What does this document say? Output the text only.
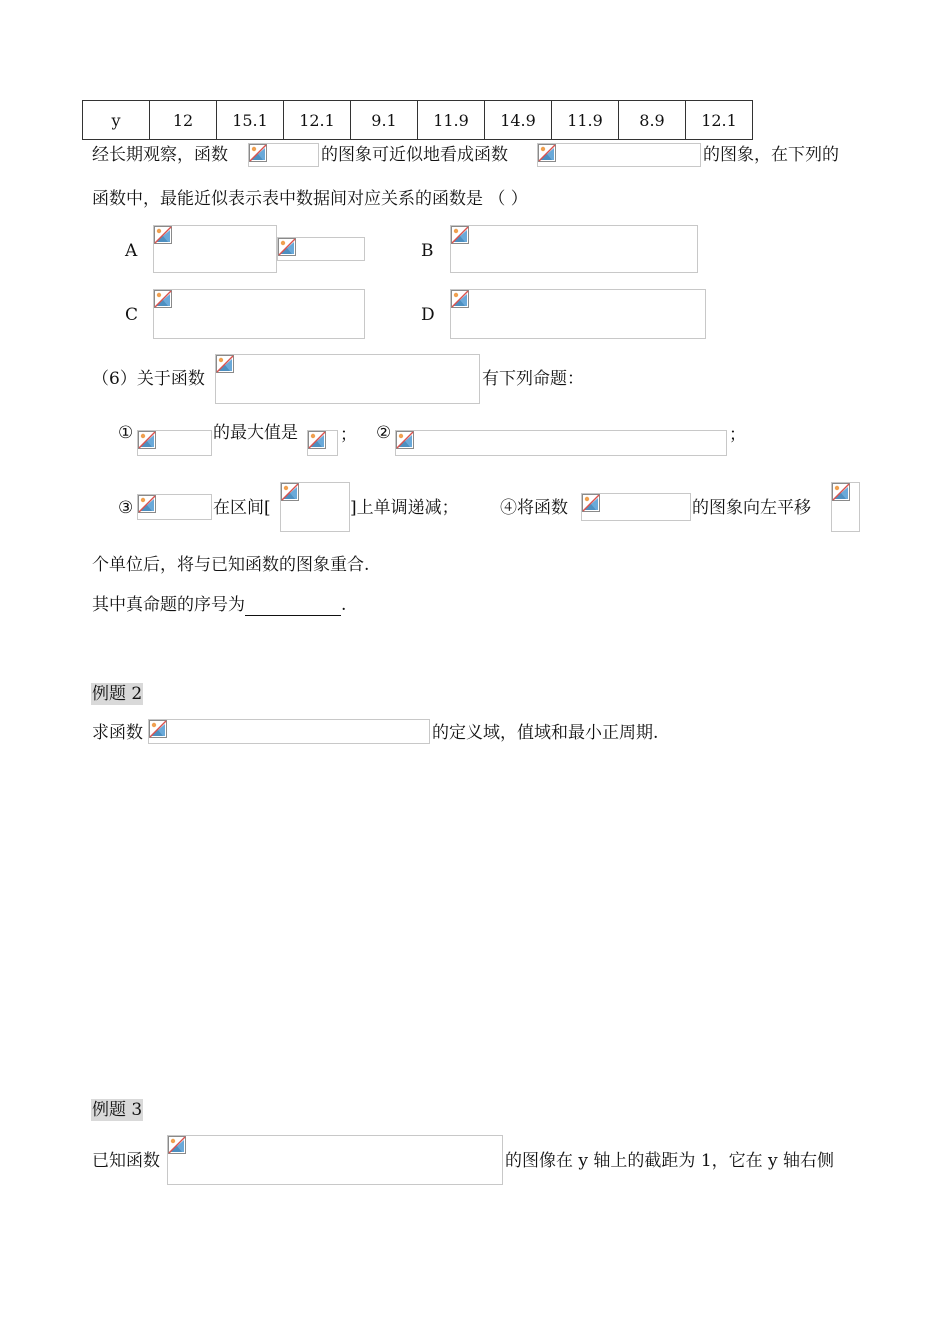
y	12	15.1	12.1	9.1	11.9	14.9	11.9	8.9	12.1
经长期观察，函数	的图象可近似地看成函数	的图象，在下列的
函数中，最能近似表示表中数据间对应关系的函数是 （ ）
A	B
C	D
（6）关于函数	有下列命题：
①	的最大值是 ； ②	；
③	在区间[	]上单调递减； ④将函数	的图象向左平移
个单位后，将与已知函数的图象重合.
其中真命题的序号为	.
例题 2
求函数	的定义域，值域和最小正周期.
例题 3
已知函数	的图像在 y 轴上的截距为 1，它在 y 轴右侧
